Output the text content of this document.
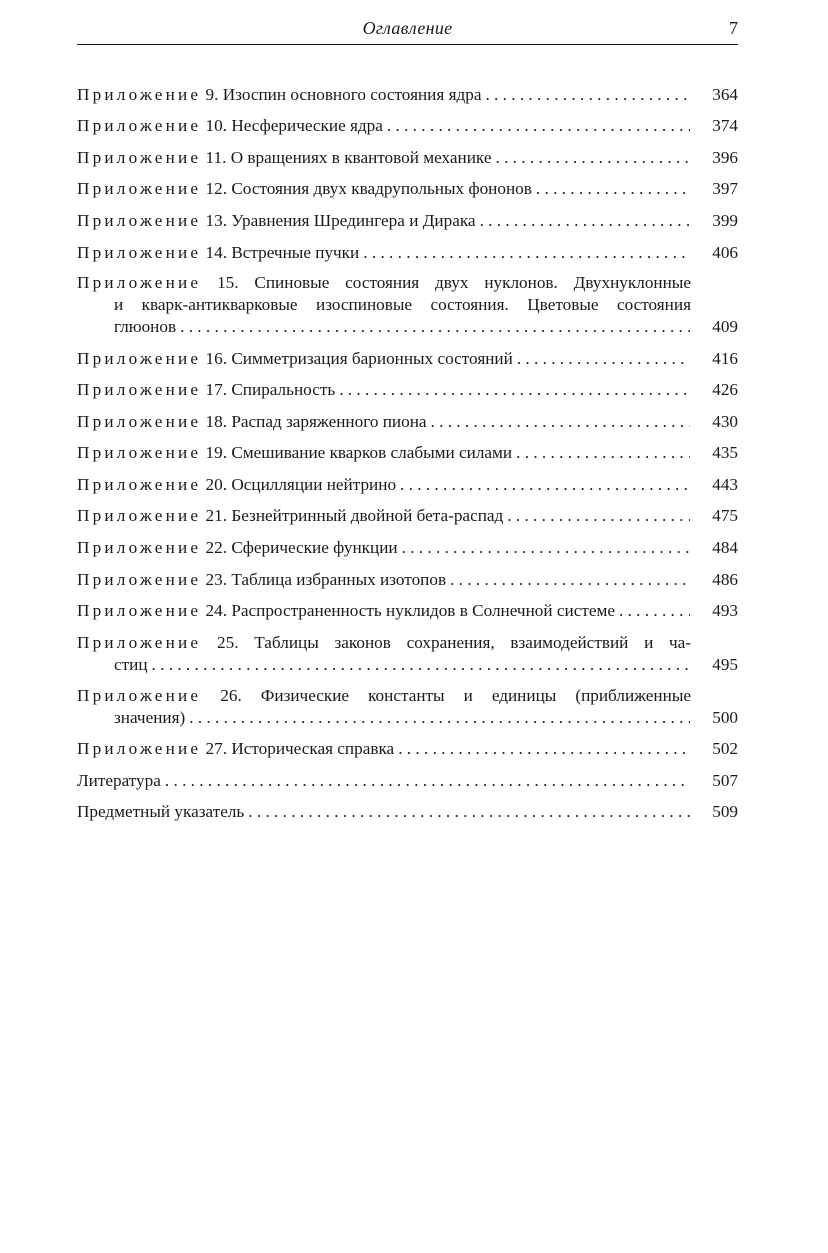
Оглавление	7
Приложение 9. Изоспин основного состояния ядра . . .	364
Приложение 10. Несферические ядра . . .	374
Приложение 11. О вращениях в квантовой механике . . .	396
Приложение 12. Состояния двух квадрупольных фононов . . .	397
Приложение 13. Уравнения Шредингера и Дирака . . .	399
Приложение 14. Встречные пучки . . .	406
Приложение 15. Спиновые состояния двух нуклонов. Двухнуклонные
и кварк-антикварковые изоспиновые состояния. Цветовые состояния
глюонов . . .	409
Приложение 16. Симметризация барионных состояний . . .	416
Приложение 17. Спиральность . . .	426
Приложение 18. Распад заряженного пиона . . .	430
Приложение 19. Смешивание кварков слабыми силами . . .	435
Приложение 20. Осцилляции нейтрино . . .	443
Приложение 21. Безнейтринный двойной бета-распад . . .	475
Приложение 22. Сферические функции . . .	484
Приложение 23. Таблица избранных изотопов . . .	486
Приложение 24. Распространенность нуклидов в Солнечной системе . . .	493
Приложение 25. Таблицы законов сохранения, взаимодействий и ча-
стиц . . .	495
Приложение 26. Физические константы и единицы (приближенные
значения) . . .	500
Приложение 27. Историческая справка . . .	502
Литература . . .	507
Предметный указатель . . .	509
